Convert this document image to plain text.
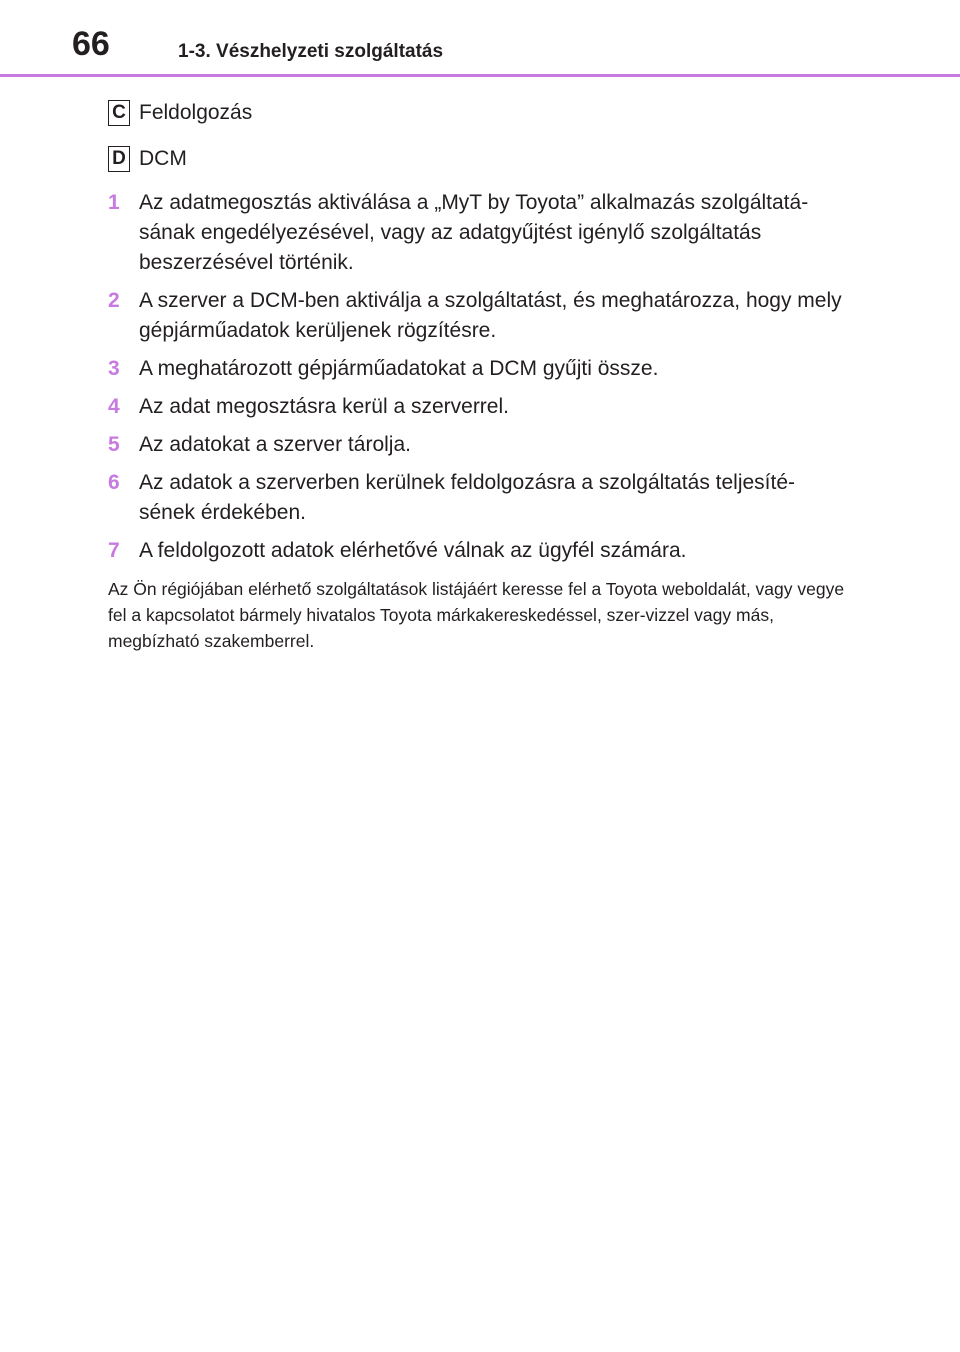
66	1-3. Vészhelyzeti szolgáltatás
C Feldolgozás
D DCM
1 Az adatmegosztás aktiválása a „MyT by Toyota” alkalmazás szolgáltatá-sának engedélyezésével, vagy az adatgyűjtést igénylő szolgáltatás beszerzésével történik.
2 A szerver a DCM-ben aktiválja a szolgáltatást, és meghatározza, hogy mely gépjárműadatok kerüljenek rögzítésre.
3 A meghatározott gépjárműadatokat a DCM gyűjti össze.
4 Az adat megosztásra kerül a szerverrel.
5 Az adatokat a szerver tárolja.
6 Az adatok a szerverben kerülnek feldolgozásra a szolgáltatás teljesíté-sének érdekében.
7 A feldolgozott adatok elérhetővé válnak az ügyfél számára.

Az Ön régiójában elérhető szolgáltatások listájáért keresse fel a Toyota weboldalát, vagy vegye fel a kapcsolatot bármely hivatalos Toyota márkakereskedéssel, szer-vizzel vagy más, megbízható szakemberrel.
